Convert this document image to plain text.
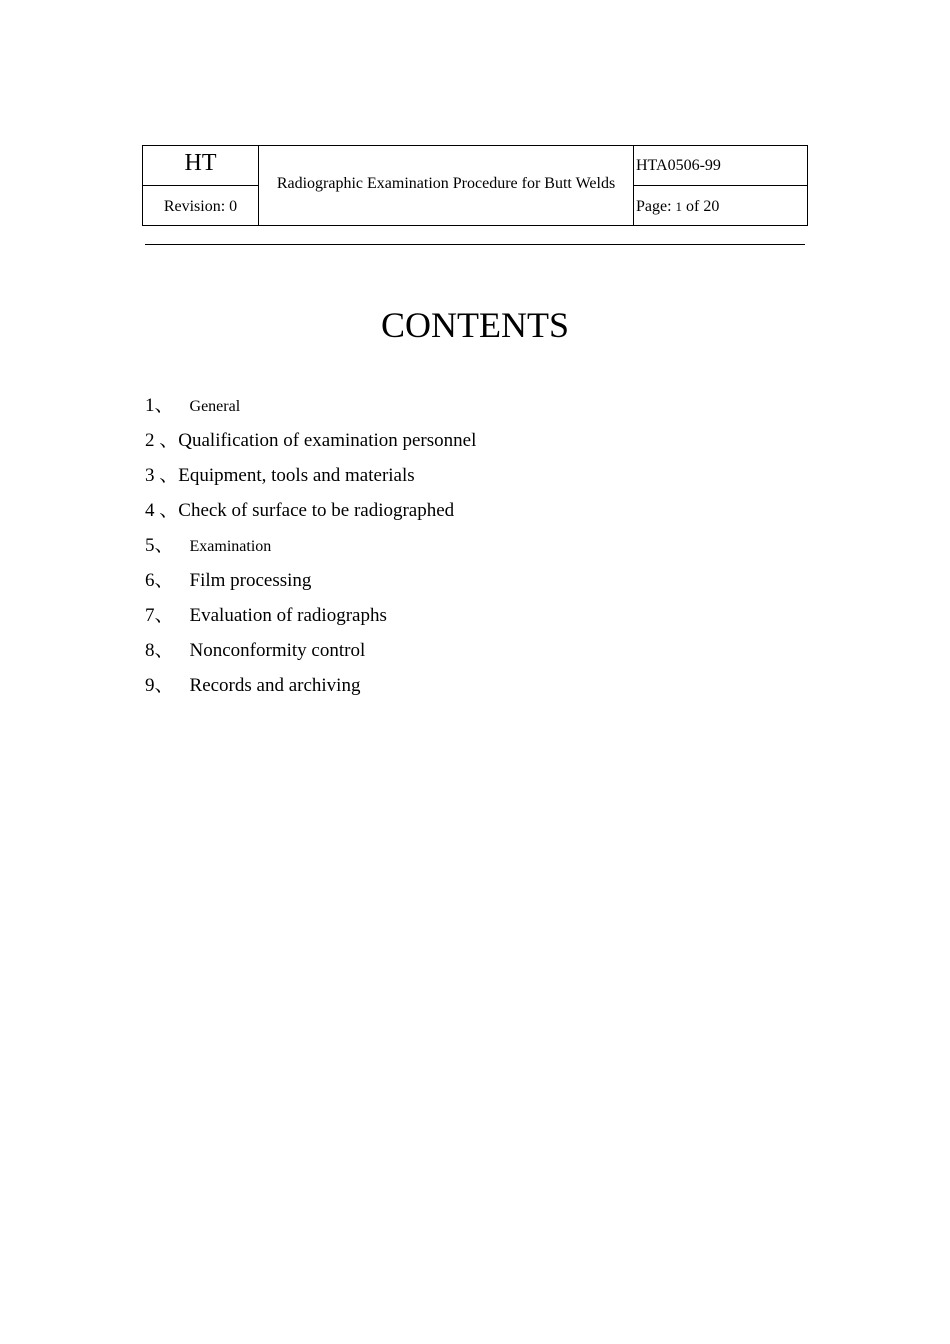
HT
Revision: 0
Radiographic Examination Procedure for Butt Welds
HTA0506-99
Page: 1 of 20
CONTENTS
1、 General
2 、Qualification of examination personnel
3 、Equipment, tools and materials
4 、Check of surface to be radiographed
5、 Examination
6、 Film processing
7、 Evaluation of radiographs
8、 Nonconformity control
9、 Records and archiving
